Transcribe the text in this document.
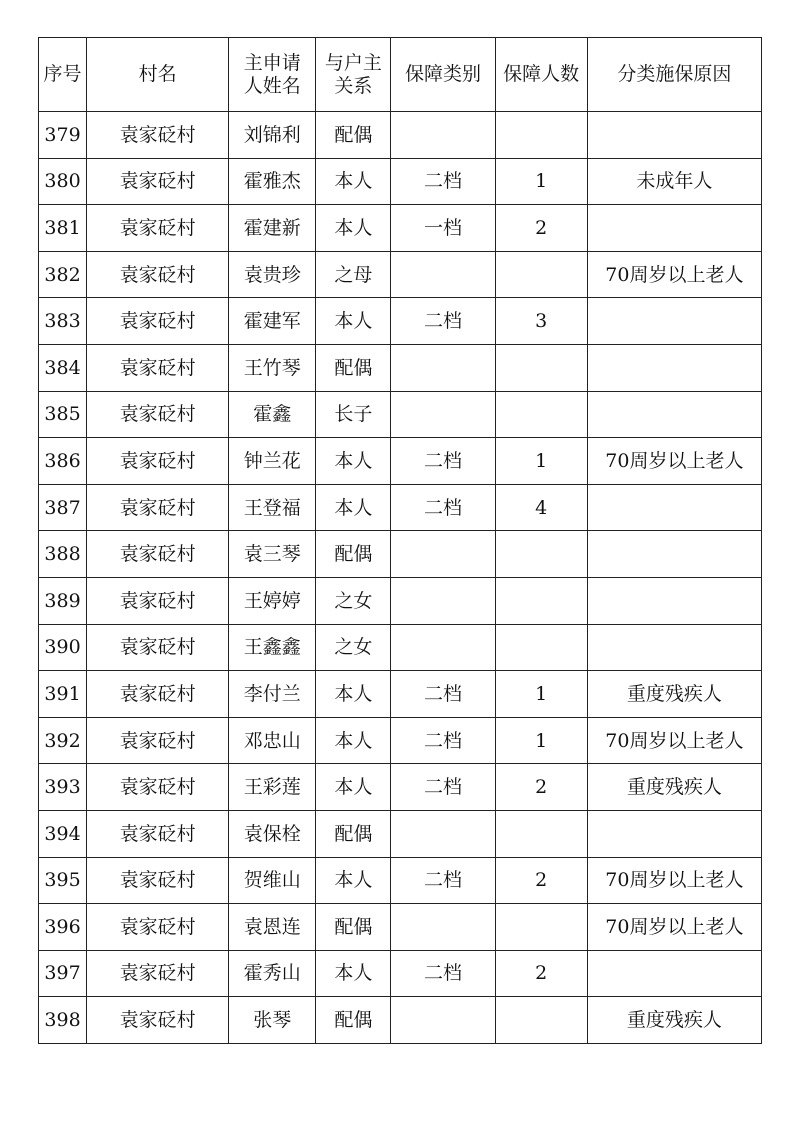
序号	村名	主申请人姓名	与户主关系	保障类别	保障人数	分类施保原因
379	袁家砭村	刘锦利	配偶			
380	袁家砭村	霍雅杰	本人	二档	1	未成年人
381	袁家砭村	霍建新	本人	一档	2	
382	袁家砭村	袁贵珍	之母			70周岁以上老人
383	袁家砭村	霍建军	本人	二档	3	
384	袁家砭村	王竹琴	配偶			
385	袁家砭村	霍鑫	长子			
386	袁家砭村	钟兰花	本人	二档	1	70周岁以上老人
387	袁家砭村	王登福	本人	二档	4	
388	袁家砭村	袁三琴	配偶			
389	袁家砭村	王婷婷	之女			
390	袁家砭村	王鑫鑫	之女			
391	袁家砭村	李付兰	本人	二档	1	重度残疾人
392	袁家砭村	邓忠山	本人	二档	1	70周岁以上老人
393	袁家砭村	王彩莲	本人	二档	2	重度残疾人
394	袁家砭村	袁保栓	配偶			
395	袁家砭村	贺维山	本人	二档	2	70周岁以上老人
396	袁家砭村	袁恩连	配偶			70周岁以上老人
397	袁家砭村	霍秀山	本人	二档	2	
398	袁家砭村	张琴	配偶			重度残疾人
